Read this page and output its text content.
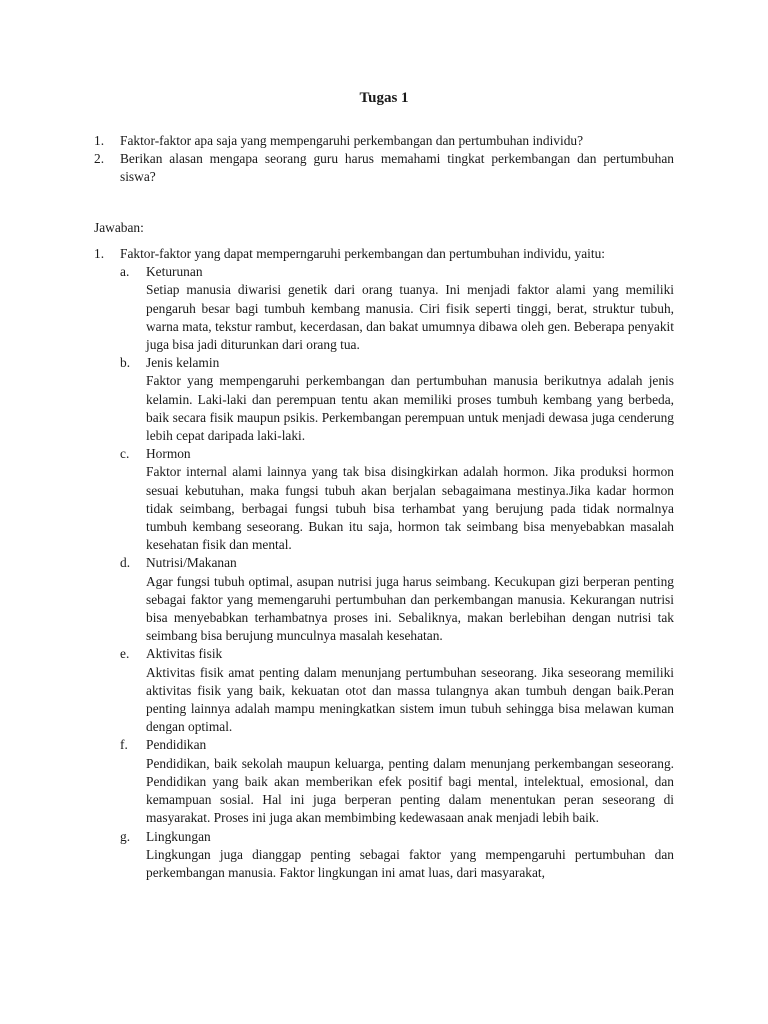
Tugas 1
1. Faktor-faktor apa saja yang mempengaruhi perkembangan dan pertumbuhan individu?
2. Berikan alasan mengapa seorang guru harus memahami tingkat perkembangan dan pertumbuhan siswa?
Jawaban:
1. Faktor-faktor yang dapat memperngaruhi perkembangan dan pertumbuhan individu, yaitu:
a. Keturunan
Setiap manusia diwarisi genetik dari orang tuanya. Ini menjadi faktor alami yang memiliki pengaruh besar bagi tumbuh kembang manusia. Ciri fisik seperti tinggi, berat, struktur tubuh, warna mata, tekstur rambut, kecerdasan, dan bakat umumnya dibawa oleh gen. Beberapa penyakit juga bisa jadi diturunkan dari orang tua.
b. Jenis kelamin
Faktor yang mempengaruhi perkembangan dan pertumbuhan manusia berikutnya adalah jenis kelamin. Laki-laki dan perempuan tentu akan memiliki proses tumbuh kembang yang berbeda, baik secara fisik maupun psikis. Perkembangan perempuan untuk menjadi dewasa juga cenderung lebih cepat daripada laki-laki.
c. Hormon
Faktor internal alami lainnya yang tak bisa disingkirkan adalah hormon. Jika produksi hormon sesuai kebutuhan, maka fungsi tubuh akan berjalan sebagaimana mestinya.Jika kadar hormon tidak seimbang, berbagai fungsi tubuh bisa terhambat yang berujung pada tidak normalnya tumbuh kembang seseorang. Bukan itu saja, hormon tak seimbang bisa menyebabkan masalah kesehatan fisik dan mental.
d. Nutrisi/Makanan
Agar fungsi tubuh optimal, asupan nutrisi juga harus seimbang. Kecukupan gizi berperan penting sebagai faktor yang memengaruhi pertumbuhan dan perkembangan manusia. Kekurangan nutrisi bisa menyebabkan terhambatnya proses ini. Sebaliknya, makan berlebihan dengan nutrisi tak seimbang bisa berujung munculnya masalah kesehatan.
e. Aktivitas fisik
Aktivitas fisik amat penting dalam menunjang pertumbuhan seseorang. Jika seseorang memiliki aktivitas fisik yang baik, kekuatan otot dan massa tulangnya akan tumbuh dengan baik.Peran penting lainnya adalah mampu meningkatkan sistem imun tubuh sehingga bisa melawan kuman dengan optimal.
f. Pendidikan
Pendidikan, baik sekolah maupun keluarga, penting dalam menunjang perkembangan seseorang. Pendidikan yang baik akan memberikan efek positif bagi mental, intelektual, emosional, dan kemampuan sosial. Hal ini juga berperan penting dalam menentukan peran seseorang di masyarakat. Proses ini juga akan membimbing kedewasaan anak menjadi lebih baik.
g. Lingkungan
Lingkungan juga dianggap penting sebagai faktor yang mempengaruhi pertumbuhan dan perkembangan manusia. Faktor lingkungan ini amat luas, dari masyarakat,
